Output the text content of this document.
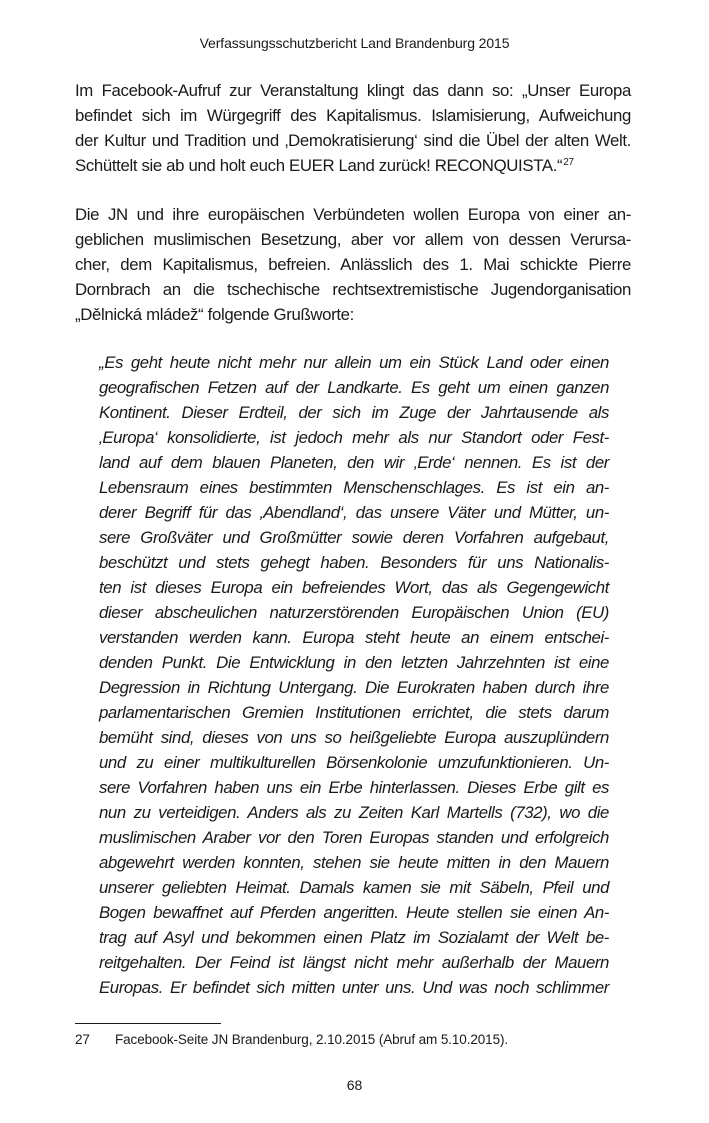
Verfassungsschutzbericht Land Brandenburg 2015
Im Facebook-Aufruf zur Veranstaltung klingt das dann so: „Unser Europa
befindet sich im Würgegriff des Kapitalismus. Islamisierung, Aufweichung
der Kultur und Tradition und ‚Demokratisierung‘ sind die Übel der alten Welt.
Schüttelt sie ab und holt euch EUER Land zurück! RECONQUISTA.“$^{27}$
Die JN und ihre europäischen Verbündeten wollen Europa von einer an-
geblichen muslimischen Besetzung, aber vor allem von dessen Verursa-
cher, dem Kapitalismus, befreien. Anlässlich des 1. Mai schickte Pierre
Dornbrach an die tschechische rechtsextremistische Jugendorganisation
„Dělnická mládež“ folgende Grußworte:
„Es geht heute nicht mehr nur allein um ein Stück Land oder einen
geografischen Fetzen auf der Landkarte. Es geht um einen ganzen
Kontinent. Dieser Erdteil, der sich im Zuge der Jahrtausende als
‚Europa‘ konsolidierte, ist jedoch mehr als nur Standort oder Fest-
land auf dem blauen Planeten, den wir ‚Erde‘ nennen. Es ist der
Lebensraum eines bestimmten Menschenschlages. Es ist ein an-
derer Begriff für das ‚Abendland‘, das unsere Väter und Mütter, un-
sere Großväter und Großmütter sowie deren Vorfahren aufgebaut,
beschützt und stets gehegt haben. Besonders für uns Nationalis-
ten ist dieses Europa ein befreiendes Wort, das als Gegengewicht
dieser abscheulichen naturzerstörenden Europäischen Union (EU)
verstanden werden kann. Europa steht heute an einem entschei-
denden Punkt. Die Entwicklung in den letzten Jahrzehnten ist eine
Degression in Richtung Untergang. Die Eurokraten haben durch ihre
parlamentarischen Gremien Institutionen errichtet, die stets darum
bemüht sind, dieses von uns so heißgeliebte Europa auszuplündern
und zu einer multikulturellen Börsenkolonie umzufunktionieren. Un-
sere Vorfahren haben uns ein Erbe hinterlassen. Dieses Erbe gilt es
nun zu verteidigen. Anders als zu Zeiten Karl Martells (732), wo die
muslimischen Araber vor den Toren Europas standen und erfolgreich
abgewehrt werden konnten, stehen sie heute mitten in den Mauern
unserer geliebten Heimat. Damals kamen sie mit Säbeln, Pfeil und
Bogen bewaffnet auf Pferden angeritten. Heute stellen sie einen An-
trag auf Asyl und bekommen einen Platz im Sozialamt der Welt be-
reitgehalten. Der Feind ist längst nicht mehr außerhalb der Mauern
Europas. Er befindet sich mitten unter uns. Und was noch schlimmer
27 Facebook-Seite JN Brandenburg, 2.10.2015 (Abruf am 5.10.2015).
68
